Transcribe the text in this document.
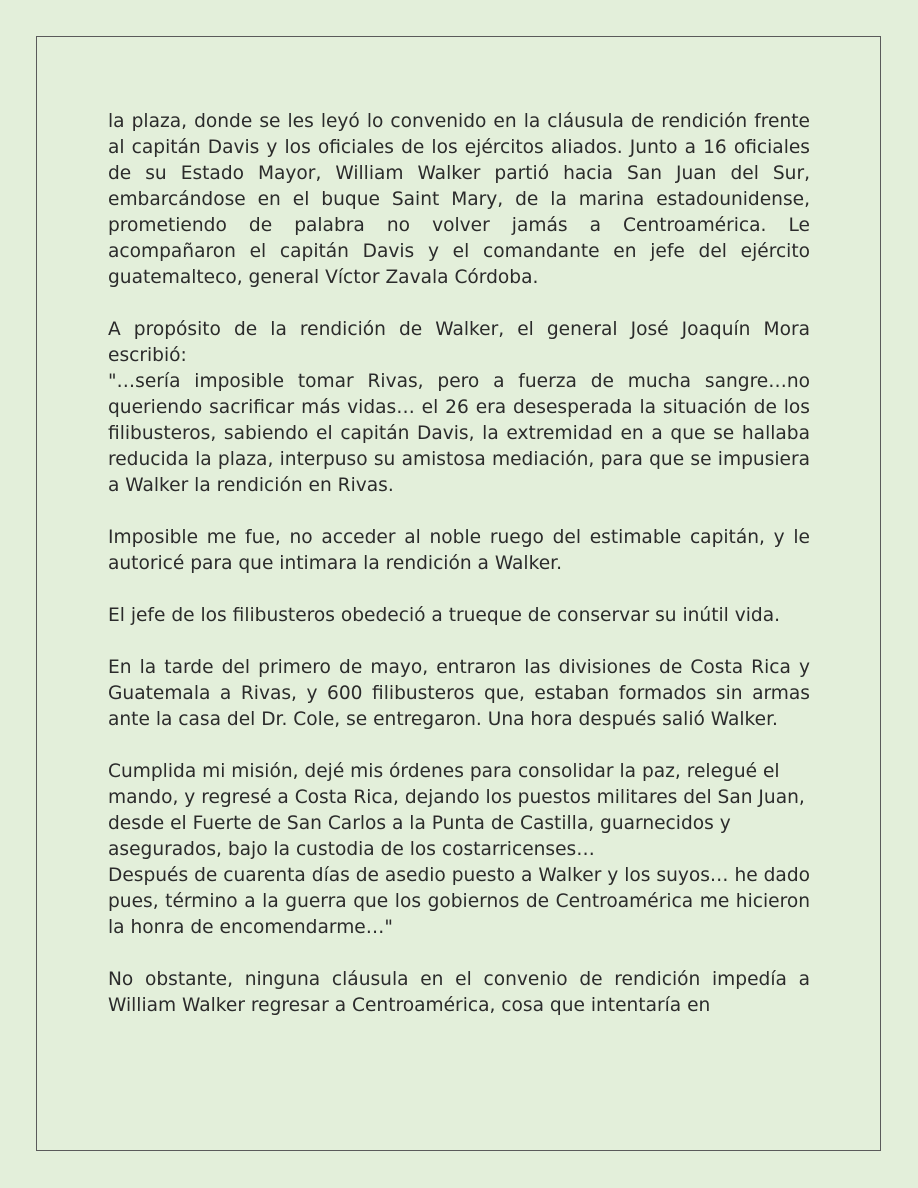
la plaza, donde se les leyó lo convenido en la cláusula de rendición frente al capitán Davis y los oficiales de los ejércitos aliados. Junto a 16 oficiales de su Estado Mayor, William Walker partió hacia San Juan del Sur, embarcándose en el buque Saint Mary, de la marina estadounidense, prometiendo de palabra no volver jamás a Centroamérica. Le acompañaron el capitán Davis y el comandante en jefe del ejército guatemalteco, general Víctor Zavala Córdoba.

A propósito de la rendición de Walker, el general José Joaquín Mora escribió:

"…sería imposible tomar Rivas, pero a fuerza de mucha sangre…no queriendo sacrificar más vidas… el 26 era desesperada la situación de los filibusteros, sabiendo el capitán Davis, la extremidad en a que se hallaba reducida la plaza, interpuso su amistosa mediación, para que se impusiera a Walker la rendición en Rivas.

Imposible me fue, no acceder al noble ruego del estimable capitán, y le autoricé para que intimara la rendición a Walker.

El jefe de los filibusteros obedeció a trueque de conservar su inútil vida.

En la tarde del primero de mayo, entraron las divisiones de Costa Rica y Guatemala a Rivas, y 600 filibusteros que, estaban formados sin armas ante la casa del Dr. Cole, se entregaron. Una hora después salió Walker.

Cumplida mi misión, dejé mis órdenes para consolidar la paz, relegué el mando, y regresé a Costa Rica, dejando los puestos militares del San Juan, desde el Fuerte de San Carlos a la Punta de Castilla, guarnecidos y asegurados, bajo la custodia de los costarricenses…

Después de cuarenta días de asedio puesto a Walker y los suyos… he dado pues, término a la guerra que los gobiernos de Centroamérica me hicieron la honra de encomendarme…"

No obstante, ninguna cláusula en el convenio de rendición impedía a William Walker regresar a Centroamérica, cosa que intentaría en
